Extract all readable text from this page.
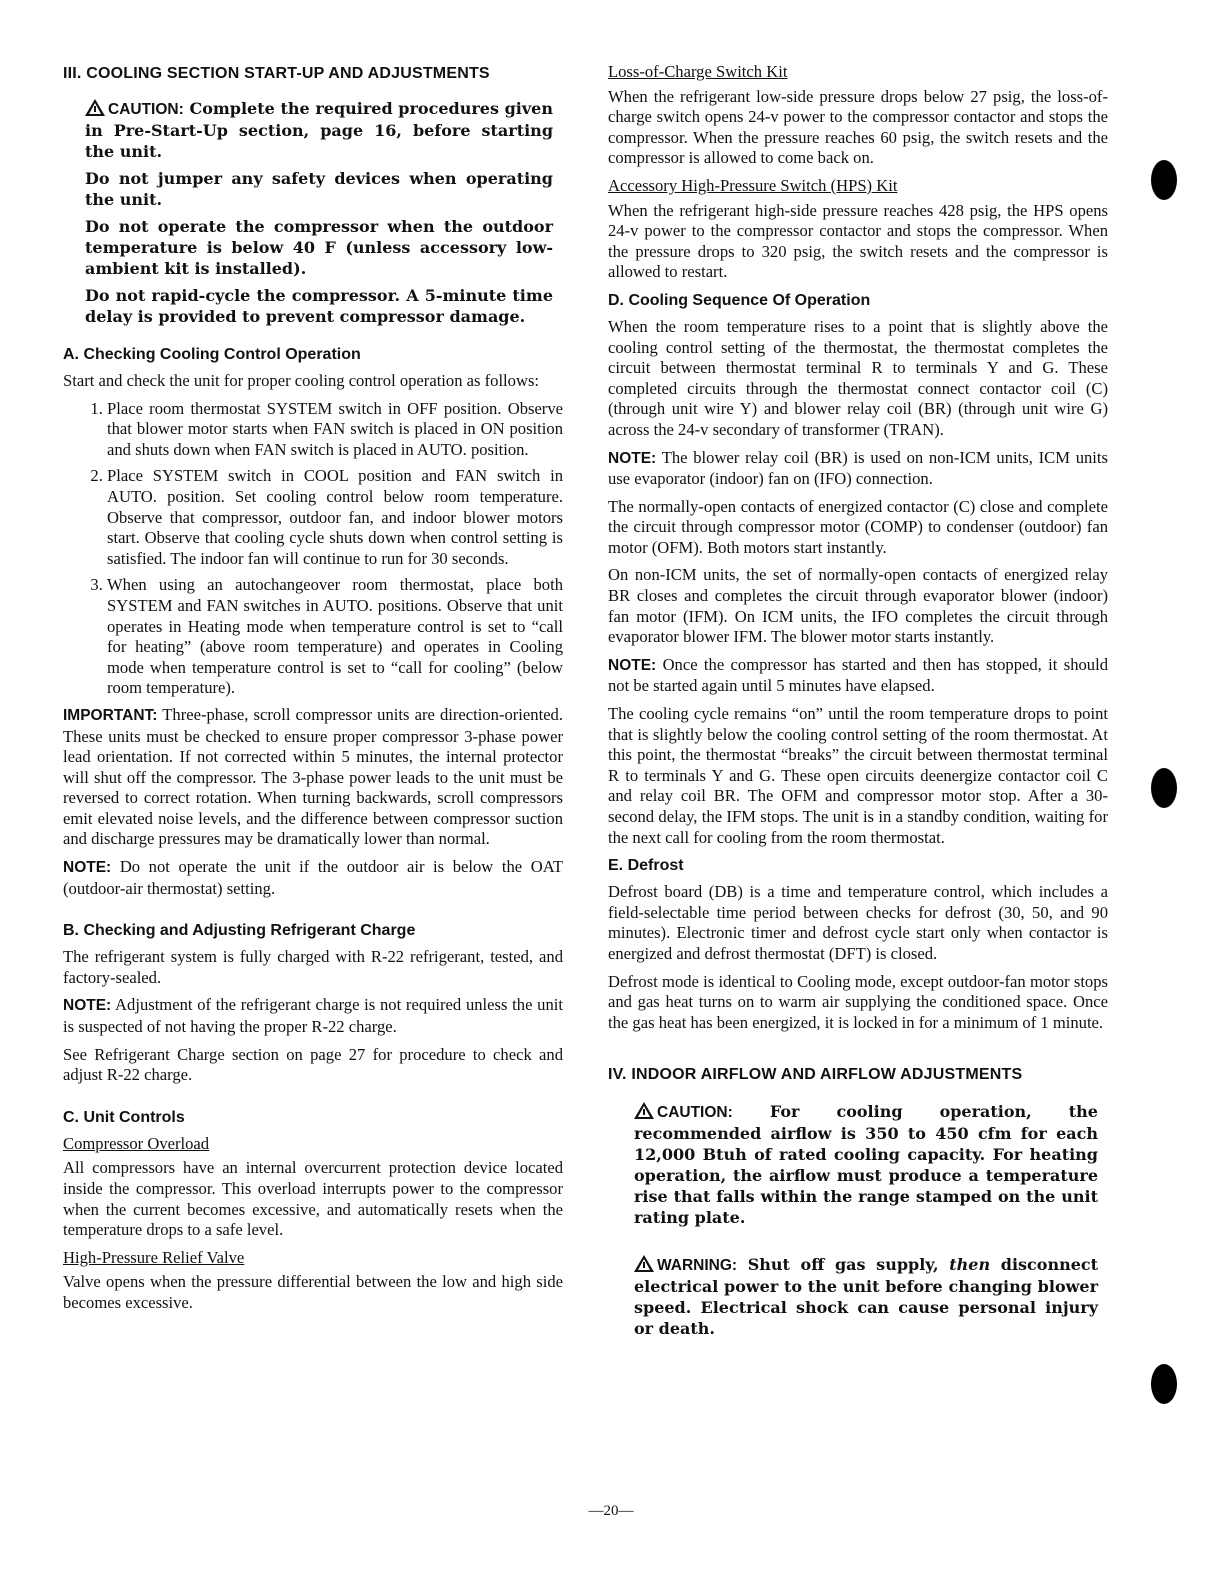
III. COOLING SECTION START-UP AND ADJUSTMENTS

CAUTION: Complete the required procedures given in Pre-Start-Up section, page 16, before starting the unit.

Do not jumper any safety devices when operating the unit.

Do not operate the compressor when the outdoor temperature is below 40 F (unless accessory low-ambient kit is installed).

Do not rapid-cycle the compressor. A 5-minute time delay is provided to prevent compressor damage.

A. Checking Cooling Control Operation

Start and check the unit for proper cooling control operation as follows:

1. Place room thermostat SYSTEM switch in OFF position. Observe that blower motor starts when FAN switch is placed in ON position and shuts down when FAN switch is placed in AUTO. position.
2. Place SYSTEM switch in COOL position and FAN switch in AUTO. position. Set cooling control below room temperature. Observe that compressor, outdoor fan, and indoor blower motors start. Observe that cooling cycle shuts down when control setting is satisfied. The indoor fan will continue to run for 30 seconds.
3. When using an autochangeover room thermostat, place both SYSTEM and FAN switches in AUTO. positions. Observe that unit operates in Heating mode when temperature control is set to “call for heating” (above room temperature) and operates in Cooling mode when temperature control is set to “call for cooling” (below room temperature).

IMPORTANT: Three-phase, scroll compressor units are direction-oriented. These units must be checked to ensure proper compressor 3-phase power lead orientation. If not corrected within 5 minutes, the internal protector will shut off the compressor. The 3-phase power leads to the unit must be reversed to correct rotation. When turning backwards, scroll compressors emit elevated noise levels, and the difference between compressor suction and discharge pressures may be dramatically lower than normal.

NOTE: Do not operate the unit if the outdoor air is below the OAT (outdoor-air thermostat) setting.

B. Checking and Adjusting Refrigerant Charge

The refrigerant system is fully charged with R-22 refrigerant, tested, and factory-sealed.

NOTE: Adjustment of the refrigerant charge is not required unless the unit is suspected of not having the proper R-22 charge.

See Refrigerant Charge section on page 27 for procedure to check and adjust R-22 charge.

C. Unit Controls

Compressor Overload

All compressors have an internal overcurrent protection device located inside the compressor. This overload interrupts power to the compressor when the current becomes excessive, and automatically resets when the temperature drops to a safe level.

High-Pressure Relief Valve

Valve opens when the pressure differential between the low and high side becomes excessive.

Loss-of-Charge Switch Kit

When the refrigerant low-side pressure drops below 27 psig, the loss-of-charge switch opens 24-v power to the compressor contactor and stops the compressor. When the pressure reaches 60 psig, the switch resets and the compressor is allowed to come back on.

Accessory High-Pressure Switch (HPS) Kit

When the refrigerant high-side pressure reaches 428 psig, the HPS opens 24-v power to the compressor contactor and stops the compressor. When the pressure drops to 320 psig, the switch resets and the compressor is allowed to restart.

D. Cooling Sequence Of Operation

When the room temperature rises to a point that is slightly above the cooling control setting of the thermostat, the thermostat completes the circuit between thermostat terminal R to terminals Y and G. These completed circuits through the thermostat connect contactor coil (C) (through unit wire Y) and blower relay coil (BR) (through unit wire G) across the 24-v secondary of transformer (TRAN).

NOTE: The blower relay coil (BR) is used on non-ICM units, ICM units use evaporator (indoor) fan on (IFO) connection.

The normally-open contacts of energized contactor (C) close and complete the circuit through compressor motor (COMP) to condenser (outdoor) fan motor (OFM). Both motors start instantly.

On non-ICM units, the set of normally-open contacts of energized relay BR closes and completes the circuit through evaporator blower (indoor) fan motor (IFM). On ICM units, the IFO completes the circuit through evaporator blower IFM. The blower motor starts instantly.

NOTE: Once the compressor has started and then has stopped, it should not be started again until 5 minutes have elapsed.

The cooling cycle remains “on” until the room temperature drops to point that is slightly below the cooling control setting of the room thermostat. At this point, the thermostat “breaks” the circuit between thermostat terminal R to terminals Y and G. These open circuits deenergize contactor coil C and relay coil BR. The OFM and compressor motor stop. After a 30-second delay, the IFM stops. The unit is in a standby condition, waiting for the next call for cooling from the room thermostat.

E. Defrost

Defrost board (DB) is a time and temperature control, which includes a field-selectable time period between checks for defrost (30, 50, and 90 minutes). Electronic timer and defrost cycle start only when contactor is energized and defrost thermostat (DFT) is closed.

Defrost mode is identical to Cooling mode, except outdoor-fan motor stops and gas heat turns on to warm air supplying the conditioned space. Once the gas heat has been energized, it is locked in for a minimum of 1 minute.

IV. INDOOR AIRFLOW AND AIRFLOW ADJUSTMENTS

CAUTION: For cooling operation, the recommended airflow is 350 to 450 cfm for each 12,000 Btuh of rated cooling capacity. For heating operation, the airflow must produce a temperature rise that falls within the range stamped on the unit rating plate.

WARNING: Shut off gas supply, then disconnect electrical power to the unit before changing blower speed. Electrical shock can cause personal injury or death.

—20—
